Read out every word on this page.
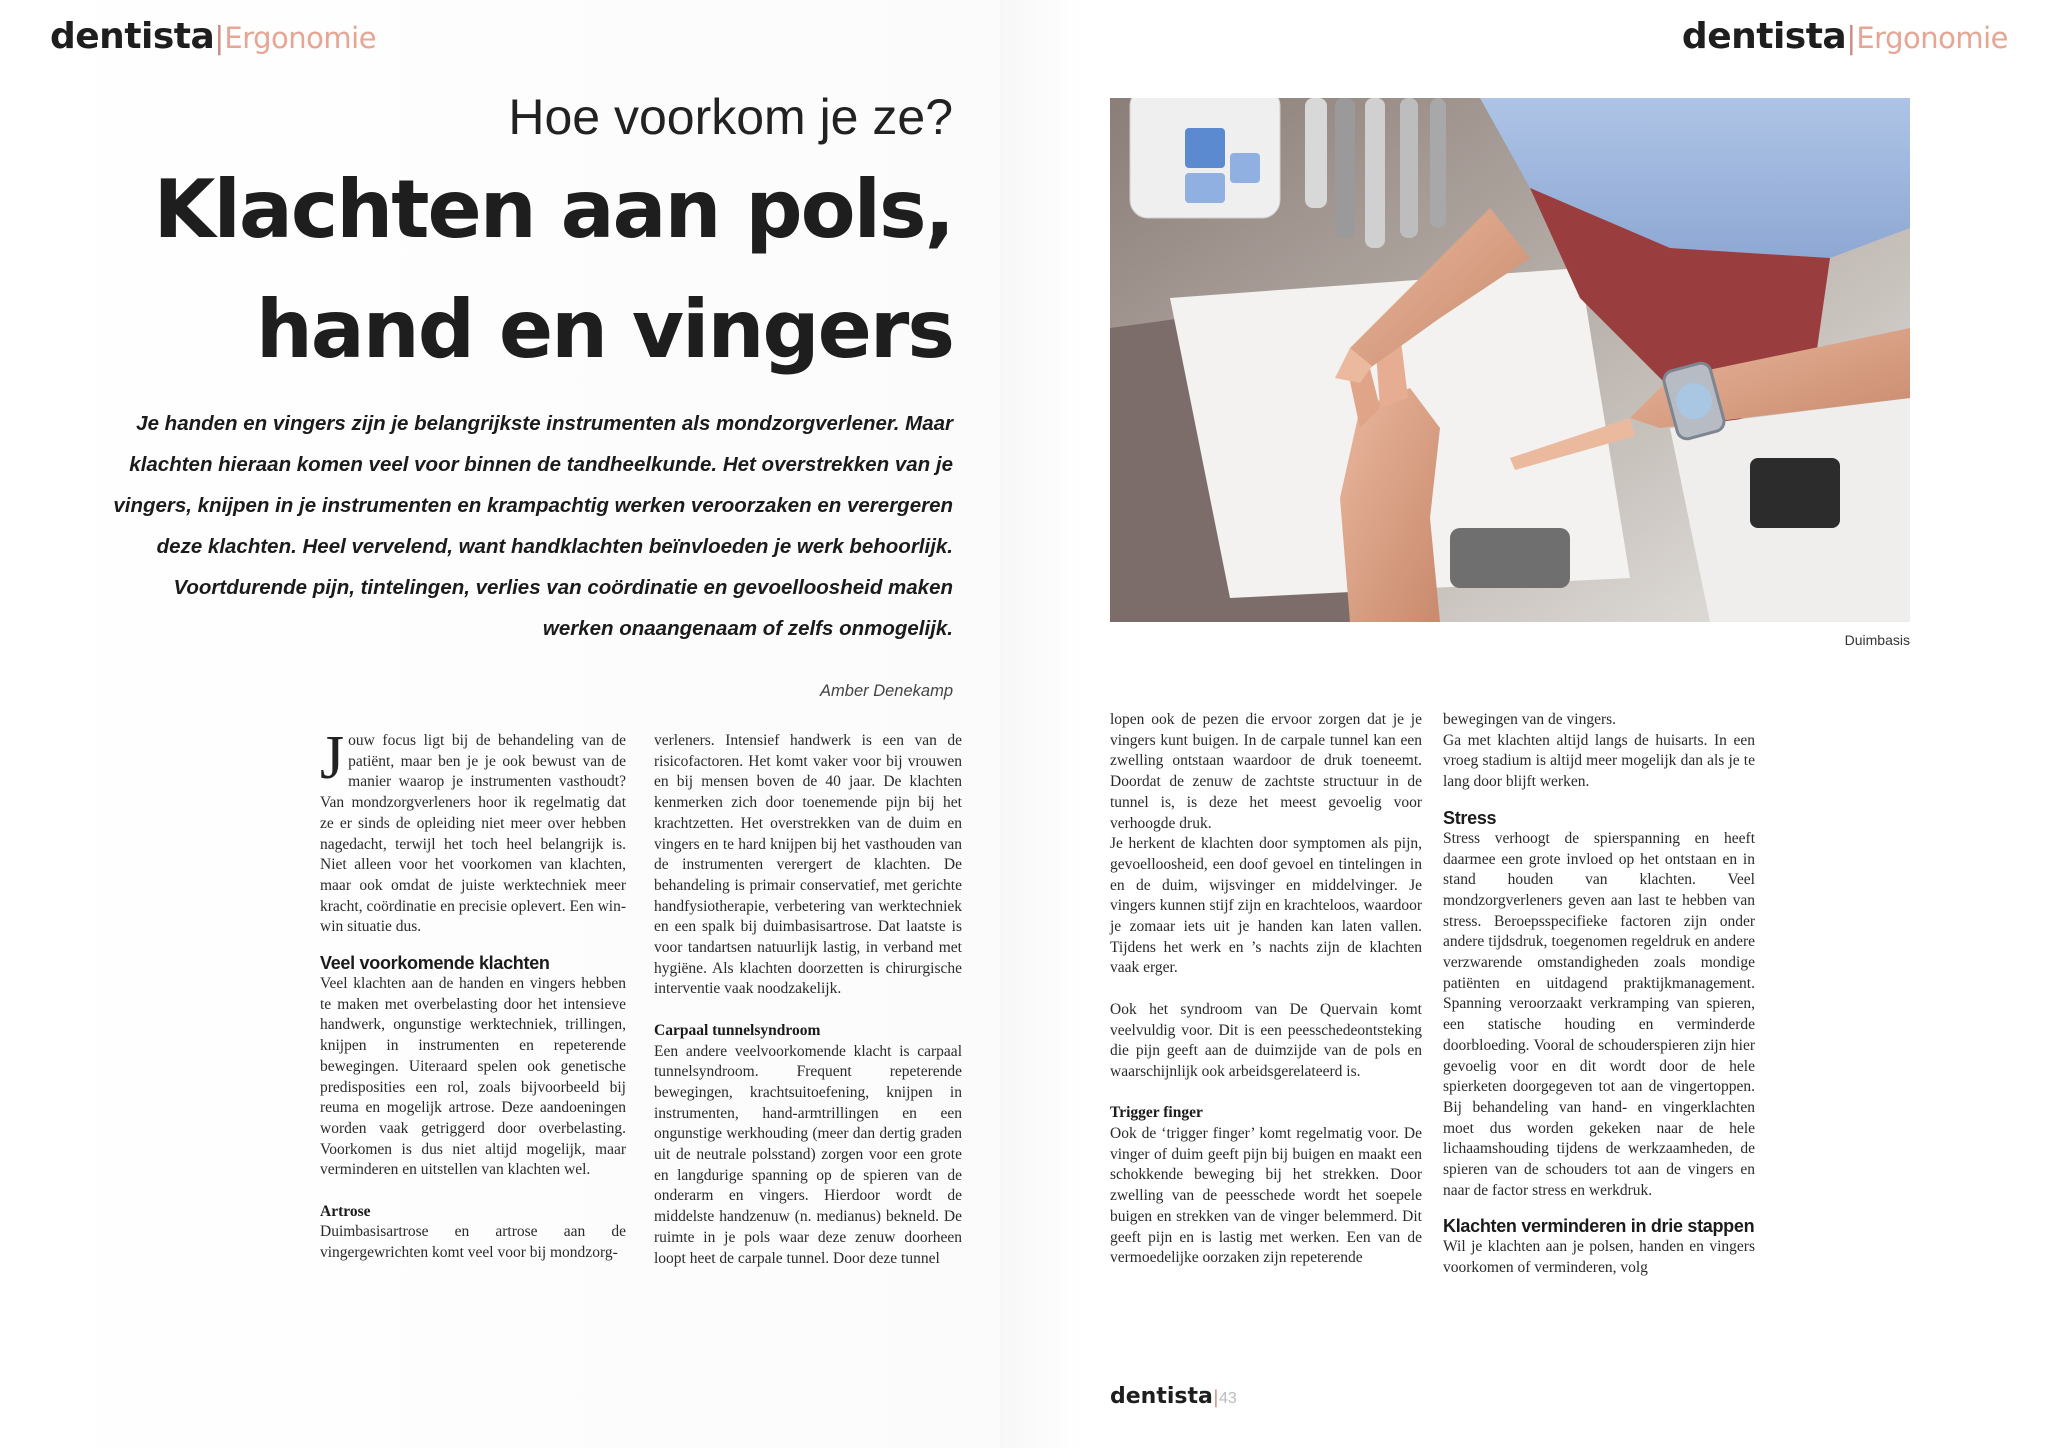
dentista|Ergonomie	dentista|Ergonomie
Hoe voorkom je ze?
Klachten aan pols,
hand en vingers
Je handen en vingers zijn je belangrijkste instrumenten als mondzorgverlener. Maar
klachten hieraan komen veel voor binnen de tandheelkunde. Het overstrekken van je
vingers, knijpen in je instrumenten en krampachtig werken veroorzaken en verergeren
deze klachten. Heel vervelend, want handklachten beïnvloeden je werk behoorlijk.
Voortdurende pijn, tintelingen, verlies van coördinatie en gevoelloosheid maken
werken onaangenaam of zelfs onmogelijk.
Amber Denekamp

Jouw focus ligt bij de behandeling van de patiënt, maar ben je je ook bewust van de manier waarop je instrumenten vasthoudt? Van mondzorgverleners hoor ik regelmatig dat ze er sinds de opleiding niet meer over hebben nagedacht, terwijl het toch heel belangrijk is. Niet alleen voor het voorkomen van klachten, maar ook omdat de juiste werktechniek meer kracht, coördinatie en precisie oplevert. Een win-win situatie dus.

Veel voorkomende klachten

Veel klachten aan de handen en vingers hebben te maken met overbelasting door het intensieve handwerk, ongunstige werktechniek, trillingen, knijpen in instrumenten en repeterende bewegingen. Uiteraard spelen ook genetische predisposities een rol, zoals bijvoorbeeld bij reuma en mogelijk artrose. Deze aandoeningen worden vaak getriggerd door overbelasting. Voorkomen is dus niet altijd mogelijk, maar verminderen en uitstellen van klachten wel.

Artrose

Duimbasisartrose en artrose aan de vingergewrichten komt veel voor bij mondzorg-

verleners. Intensief handwerk is een van de risicofactoren. Het komt vaker voor bij vrouwen en bij mensen boven de 40 jaar. De klachten kenmerken zich door toenemende pijn bij het krachtzetten. Het overstrekken van de duim en vingers en te hard knijpen bij het vasthouden van de instrumenten verergert de klachten. De behandeling is primair conservatief, met gerichte handfysiotherapie, verbetering van werktechniek en een spalk bij duimbasisartrose. Dat laatste is voor tandartsen natuurlijk lastig, in verband met hygiëne. Als klachten doorzetten is chirurgische interventie vaak noodzakelijk.

Carpaal tunnelsyndroom

Een andere veelvoorkomende klacht is carpaal tunnelsyndroom. Frequent repeterende bewegingen, krachtsuitoefening, knijpen in instrumenten, hand-armtrillingen en een ongunstige werkhouding (meer dan dertig graden uit de neutrale polsstand) zorgen voor een grote en langdurige spanning op de spieren van de onderarm en vingers. Hierdoor wordt de middelste handzenuw (n. medianus) bekneld. De ruimte in je pols waar deze zenuw doorheen loopt heet de carpale tunnel. Door deze tunnel

Duimbasis

lopen ook de pezen die ervoor zorgen dat je je vingers kunt buigen. In de carpale tunnel kan een zwelling ontstaan waardoor de druk toeneemt. Doordat de zenuw de zachtste structuur in de tunnel is, is deze het meest gevoelig voor verhoogde druk.

Je herkent de klachten door symptomen als pijn, gevoelloosheid, een doof gevoel en tintelingen in en de duim, wijsvinger en middelvinger. Je vingers kunnen stijf zijn en krachteloos, waardoor je zomaar iets uit je handen kan laten vallen. Tijdens het werk en ’s nachts zijn de klachten vaak erger.

Ook het syndroom van De Quervain komt veelvuldig voor. Dit is een peesschedeontsteking die pijn geeft aan de duimzijde van de pols en waarschijnlijk ook arbeidsgerelateerd is.

Trigger finger

Ook de ‘trigger finger’ komt regelmatig voor. De vinger of duim geeft pijn bij buigen en maakt een schokkende beweging bij het strekken. Door zwelling van de peesschede wordt het soepele buigen en strekken van de vinger belemmerd. Dit geeft pijn en is lastig met werken. Een van de vermoedelijke oorzaken zijn repeterende

bewegingen van de vingers.

Ga met klachten altijd langs de huisarts. In een vroeg stadium is altijd meer mogelijk dan als je te lang door blijft werken.

Stress

Stress verhoogt de spierspanning en heeft daarmee een grote invloed op het ontstaan en in stand houden van klachten. Veel mondzorgverleners geven aan last te hebben van stress. Beroepsspecifieke factoren zijn onder andere tijdsdruk, toegenomen regeldruk en andere verzwarende omstandigheden zoals mondige patiënten en uitdagend praktijkmanagement. Spanning veroorzaakt verkramping van spieren, een statische houding en verminderde doorbloeding. Vooral de schouderspieren zijn hier gevoelig voor en dit wordt door de hele spierketen doorgegeven tot aan de vingertoppen. Bij behandeling van hand- en vingerklachten moet dus worden gekeken naar de hele lichaamshouding tijdens de werkzaamheden, de spieren van de schouders tot aan de vingers en naar de factor stress en werkdruk.

Klachten verminderen in drie stappen

Wil je klachten aan je polsen, handen en vingers voorkomen of verminderen, volg

dentista|43
